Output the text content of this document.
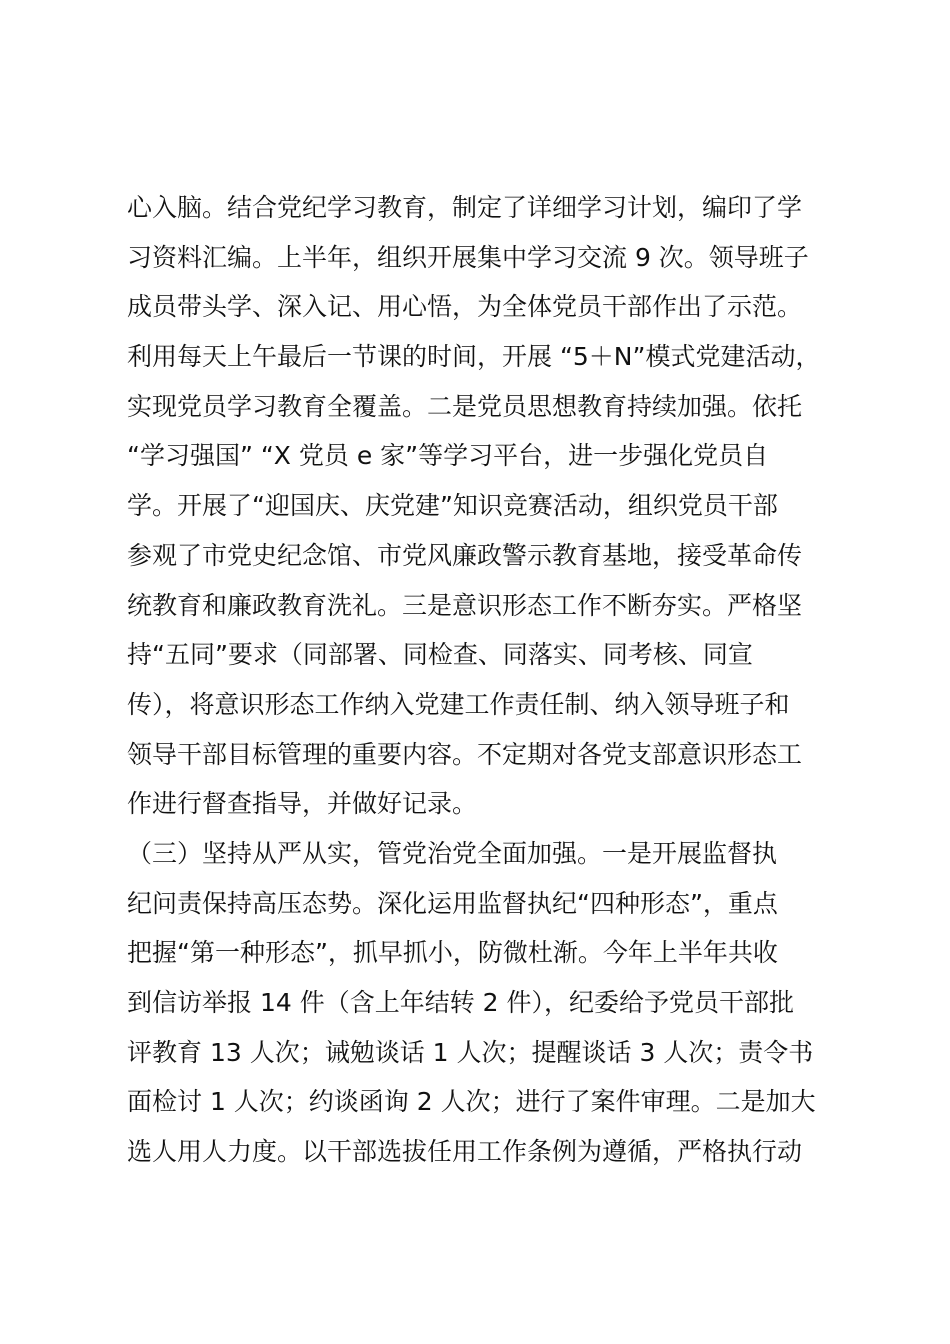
心入脑。结合党纪学习教育，制定了详细学习计划，编印了学
习资料汇编。上半年，组织开展集中学习交流 9 次。领导班子
成员带头学、深入记、用心悟，为全体党员干部作出了示范。
利用每天上午最后一节课的时间，开展 “5＋N”模式党建活动，
实现党员学习教育全覆盖。二是党员思想教育持续加强。依托
“学习强国” “X 党员 e 家”等学习平台，进一步强化党员自
学。开展了“迎国庆、庆党建”知识竞赛活动，组织党员干部
参观了市党史纪念馆、市党风廉政警示教育基地，接受革命传
统教育和廉政教育洗礼。三是意识形态工作不断夯实。严格坚
持“五同”要求（同部署、同检查、同落实、同考核、同宣
传），将意识形态工作纳入党建工作责任制、纳入领导班子和
领导干部目标管理的重要内容。不定期对各党支部意识形态工
作进行督查指导，并做好记录。
（三）坚持从严从实，管党治党全面加强。一是开展监督执
纪问责保持高压态势。深化运用监督执纪“四种形态”，重点
把握“第一种形态”，抓早抓小，防微杜渐。今年上半年共收
到信访举报 14 件（含上年结转 2 件），纪委给予党员干部批
评教育 13 人次；诫勉谈话 1 人次；提醒谈话 3 人次；责令书
面检讨 1 人次；约谈函询 2 人次；进行了案件审理。二是加大
选人用人力度。以干部选拔任用工作条例为遵循，严格执行动
